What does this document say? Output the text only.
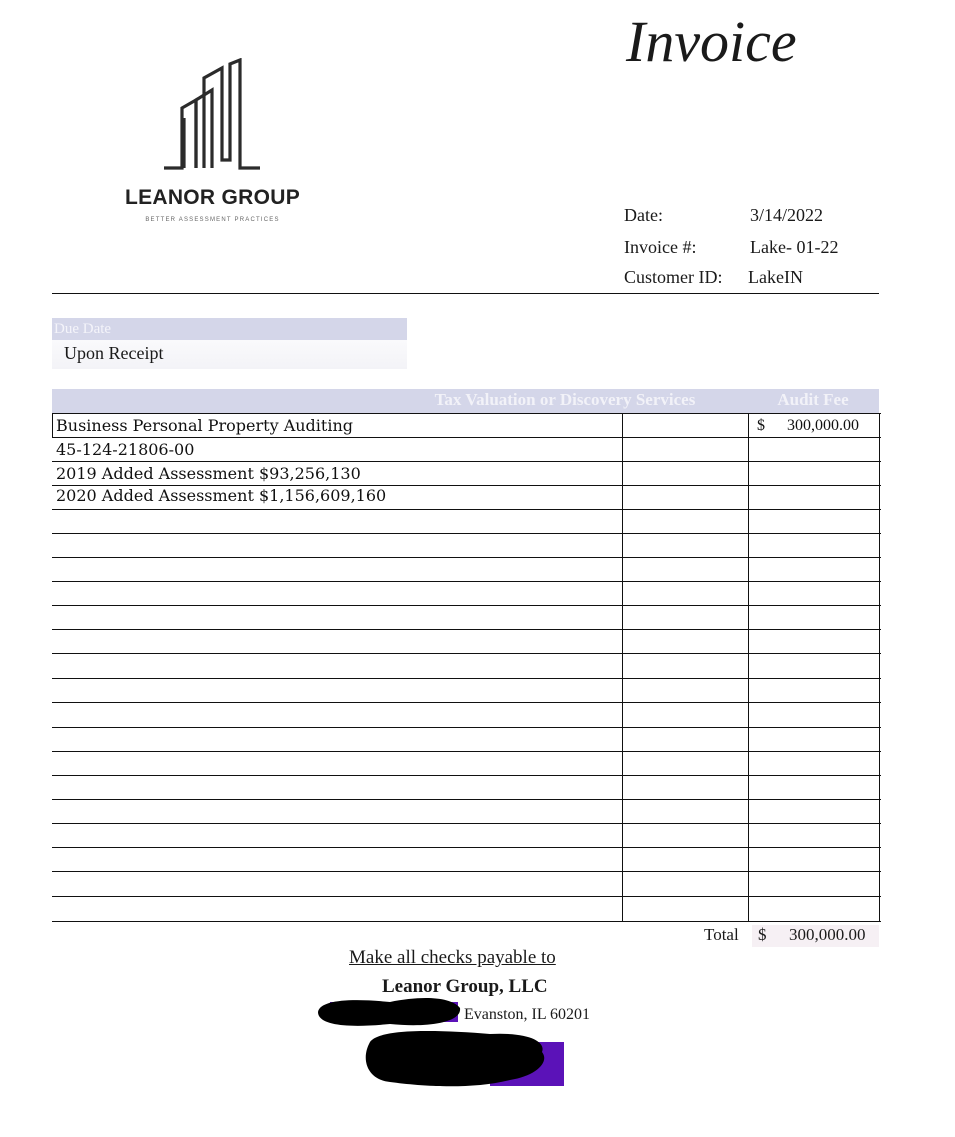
LEANOR GROUP
BETTER ASSESSMENT PRACTICES
Invoice
Date:	3/14/2022
Invoice #:	Lake- 01-22
Customer ID: LakeIN
Due Date
Upon Receipt
Tax Valuation or Discovery Services	Audit Fee
Business Personal Property Auditing	$ 300,000.00
45-124-21806-00
2019 Added Assessment $93,256,130
2020 Added Assessment $1,156,609,160
Total $ 300,000.00
Make all checks payable to
Leanor Group, LLC
Evanston, IL 60201
